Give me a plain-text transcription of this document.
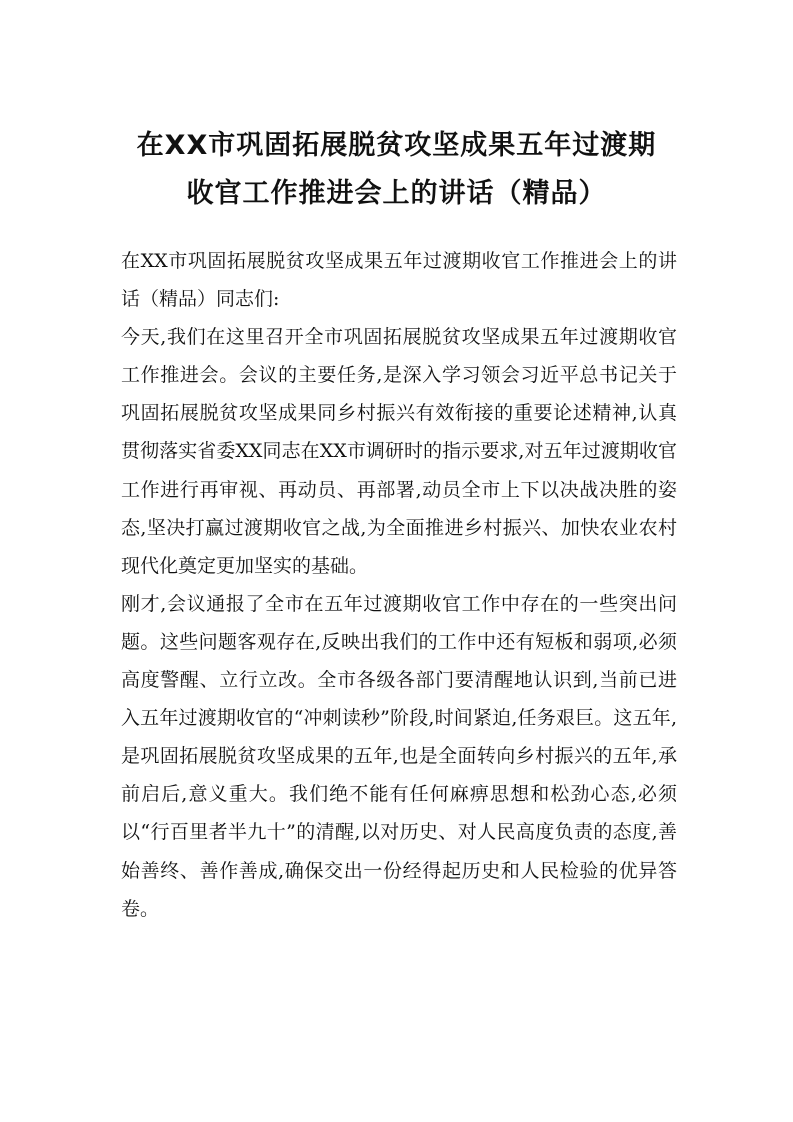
在XX市巩固拓展脱贫攻坚成果五年过渡期
收官工作推进会上的讲话（精品）

在XX市巩固拓展脱贫攻坚成果五年过渡期收官工作推进会上的讲话（精品）同志们:

今天,我们在这里召开全市巩固拓展脱贫攻坚成果五年过渡期收官工作推进会。会议的主要任务,是深入学习领会习近平总书记关于巩固拓展脱贫攻坚成果同乡村振兴有效衔接的重要论述精神,认真贯彻落实省委XX同志在XX市调研时的指示要求,对五年过渡期收官工作进行再审视、再动员、再部署,动员全市上下以决战决胜的姿态,坚决打赢过渡期收官之战,为全面推进乡村振兴、加快农业农村现代化奠定更加坚实的基础。

刚才,会议通报了全市在五年过渡期收官工作中存在的一些突出问题。这些问题客观存在,反映出我们的工作中还有短板和弱项,必须高度警醒、立行立改。全市各级各部门要清醒地认识到,当前已进入五年过渡期收官的“冲刺读秒”阶段,时间紧迫,任务艰巨。这五年,是巩固拓展脱贫攻坚成果的五年,也是全面转向乡村振兴的五年,承前启后,意义重大。我们绝不能有任何麻痹思想和松劲心态,必须以“行百里者半九十”的清醒,以对历史、对人民高度负责的态度,善始善终、善作善成,确保交出一份经得起历史和人民检验的优异答卷。
